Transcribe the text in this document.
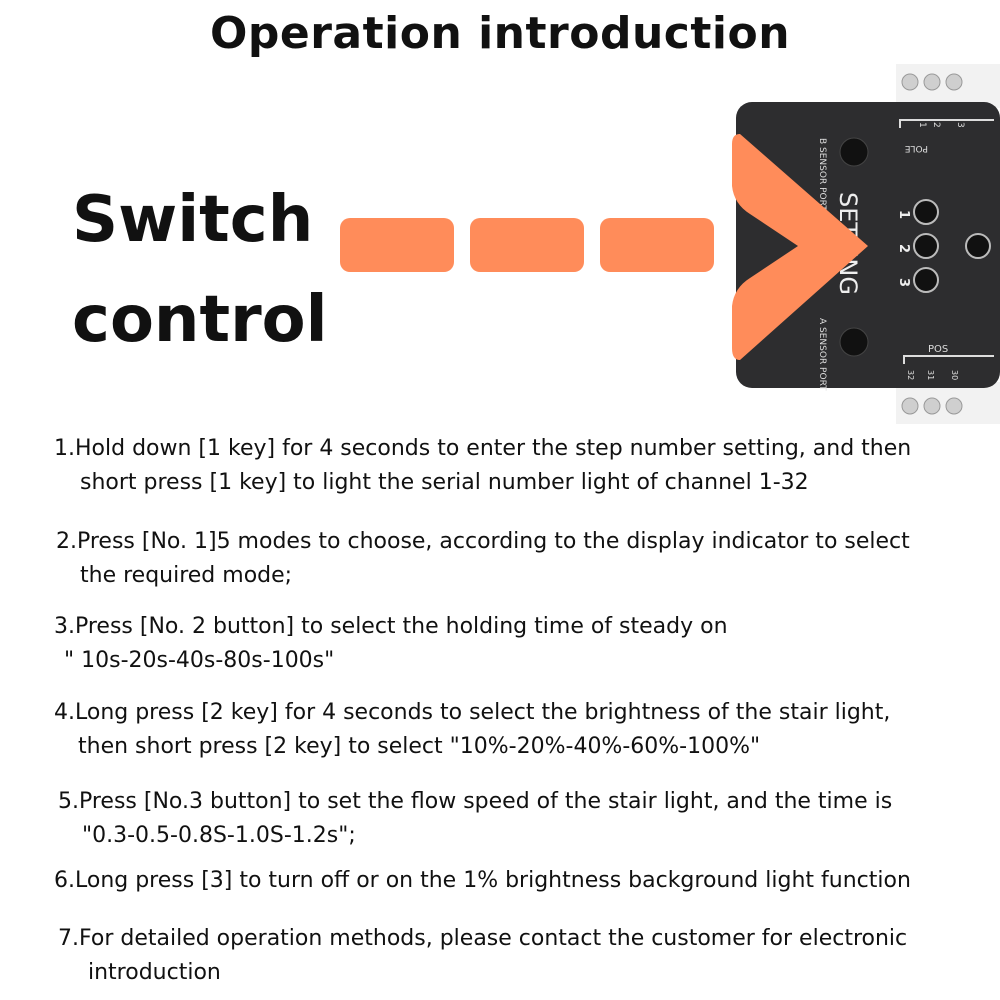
Operation introduction
Switch
control
B SENSOR PORT
A SENSOR PORT
POLE
POS
1
2
3
1 2 3
32 31 30

1.Hold down [1 key] for 4 seconds to enter the step number setting, and then
short press [1 key] to light the serial number light of channel 1-32

2.Press [No. 1]5 modes to choose, according to the display indicator to select
the required mode;

3.Press [No. 2 button] to select the holding time of steady on
" 10s-20s-40s-80s-100s"

4.Long press [2 key] for 4 seconds to select the brightness of the stair light,
then short press [2 key] to select "10%-20%-40%-60%-100%"

5.Press [No.3 button] to set the flow speed of the stair light, and the time is
"0.3-0.5-0.8S-1.0S-1.2s";

6.Long press [3] to turn off or on the 1% brightness background light function

7.For detailed operation methods, please contact the customer for electronic
introduction
